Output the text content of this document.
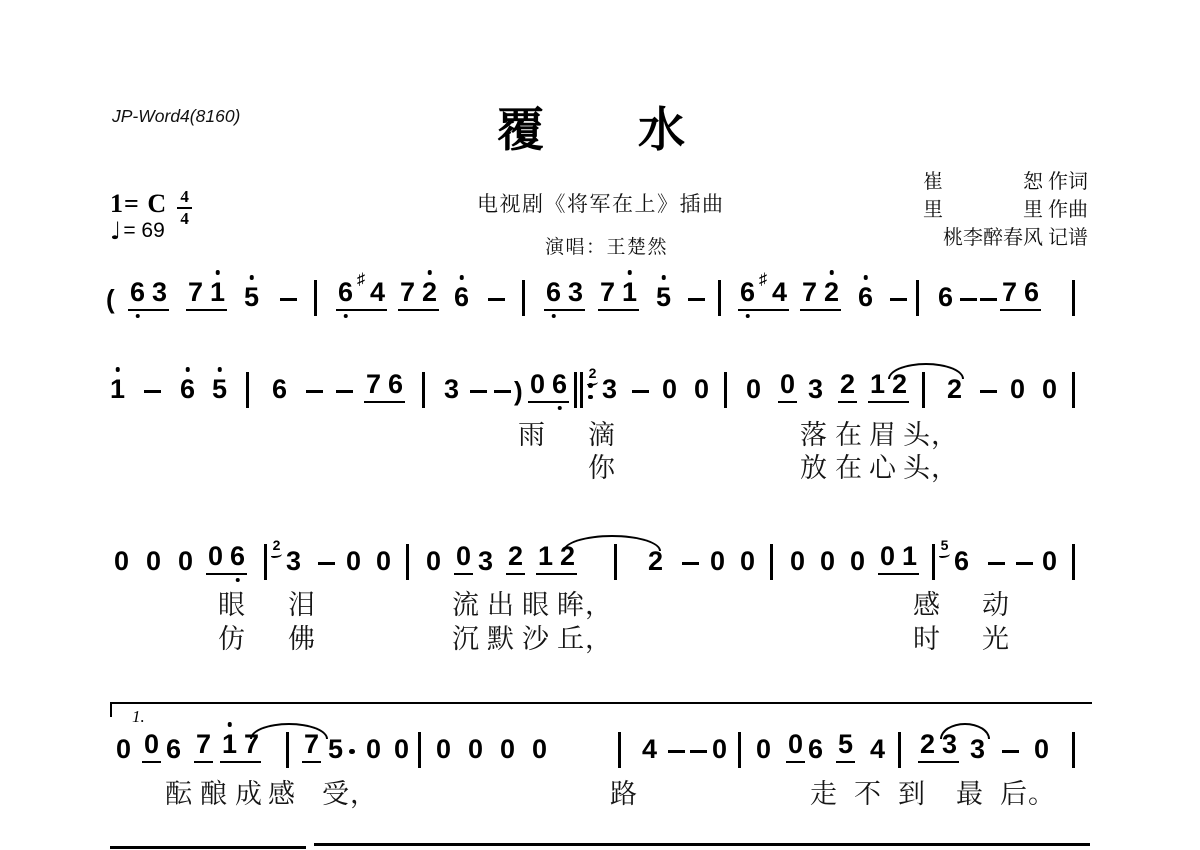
JP-Word4(8160)	覆　　水
电视剧《将军在上》插曲
演唱：王楚然
1= C $\frac{4}{4}$
♩ = 69
崔　　　　恕 作词
里　　　　里 作曲
桃李醉春风 记谱
( 6 3 7 1 5	6 ♯ 4 7 2 6	6 3 7 1 5	6 ♯ 4 7 2 6 6 7 6
1 6 5 6	7 6 3 ) 0 6 2
3 0 0 0 0 3 2 1 2 2 0 0
0 0 0 0 6 2
3 0 0 0 0 3 2 1 2	2 0 0 0 0 0 0 1 5
6	0
0 0 6 7 1 7 7 5 0 0 0 0 0 0	4 0 0 0 6 5 4 2 3 3 0
1.
雨 滴	落 在 眉 头，
你	放 在 心 头，
眼 泪	流 出 眼 眸，	感 动
仿 佛	沉 默 沙 丘，	时 光
酝 酿 成 感 受，	路	走 不 到 最 后。
